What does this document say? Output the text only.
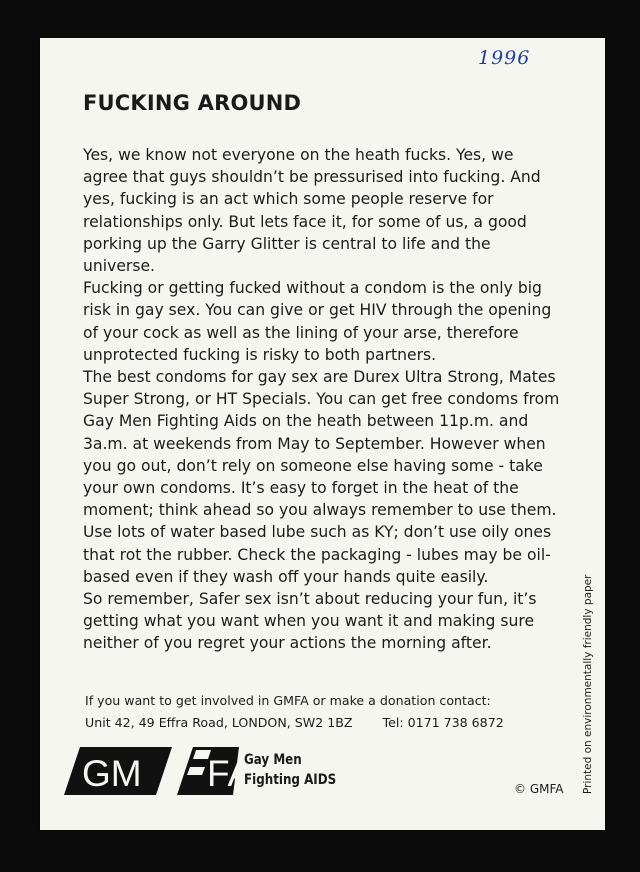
1996
FUCKING AROUND

Yes, we know not everyone on the heath fucks. Yes, we agree that guys shouldn’t be pressurised into fucking. And yes, fucking is an act which some people reserve for relationships only. But lets face it, for some of us, a good porking up the Garry Glitter is central to life and the universe.

Fucking or getting fucked without a condom is the only big risk in gay sex. You can give or get HIV through the opening of your cock as well as the lining of your arse, therefore unprotected fucking is risky to both partners.

The best condoms for gay sex are Durex Ultra Strong, Mates Super Strong, or HT Specials. You can get free condoms from Gay Men Fighting Aids on the heath between 11p.m. and 3a.m. at weekends from May to September. However when you go out, don’t rely on someone else having some - take your own condoms. It’s easy to forget in the heat of the moment; think ahead so you always remember to use them.

Use lots of water based lube such as KY; don’t use oily ones that rot the rubber. Check the packaging - lubes may be oil-based even if they wash off your hands quite easily.

So remember, Safer sex isn’t about reducing your fun, it’s getting what you want when you want it and making sure neither of you regret your actions the morning after.

If you want to get involved in GMFA or make a donation contact:
Unit 42, 49 Effra Road, LONDON, SW2 1BZ Tel: 0171 738 6872
GM FA
Gay Men
Fighting AIDS
© GMFA Printed on environmentally friendly paper
